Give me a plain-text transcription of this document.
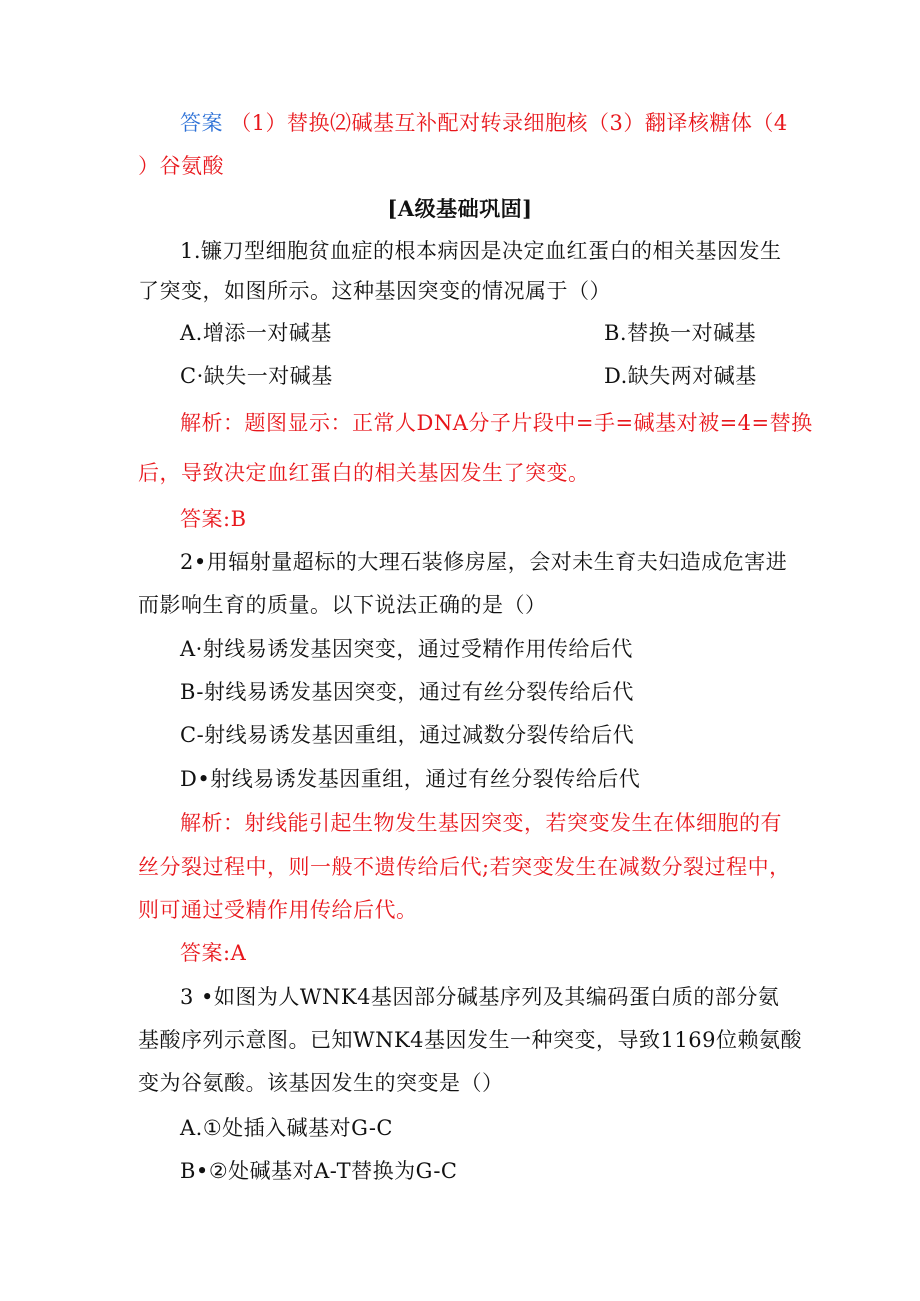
答案 （1）替换⑵碱基互补配对转录细胞核（3）翻译核糖体（4
）谷氨酸
[A级基础巩固]
1.镰刀型细胞贫血症的根本病因是决定血红蛋白的相关基因发生
了突变，如图所示。这种基因突变的情况属于（）
A.增添一对碱基	B.替换一对碱基
C·缺失一对碱基	D.缺失两对碱基
解析：题图显示：正常人DNA分子片段中=手=碱基对被=4=替换
后，导致决定血红蛋白的相关基因发生了突变。
答案:B
2•用辐射量超标的大理石装修房屋，会对未生育夫妇造成危害进
而影响生育的质量。以下说法正确的是（）
A·射线易诱发基因突变，通过受精作用传给后代
B-射线易诱发基因突变，通过有丝分裂传给后代
C-射线易诱发基因重组，通过减数分裂传给后代
D•射线易诱发基因重组，通过有丝分裂传给后代
解析：射线能引起生物发生基因突变，若突变发生在体细胞的有
丝分裂过程中，则一般不遗传给后代;若突变发生在减数分裂过程中，
则可通过受精作用传给后代。
答案:A
3 •如图为人WNK4基因部分碱基序列及其编码蛋白质的部分氨
基酸序列示意图。已知WNK4基因发生一种突变，导致1169位赖氨酸
变为谷氨酸。该基因发生的突变是（）
A.①处插入碱基对G-C
B•②处碱基对A-T替换为G-C
